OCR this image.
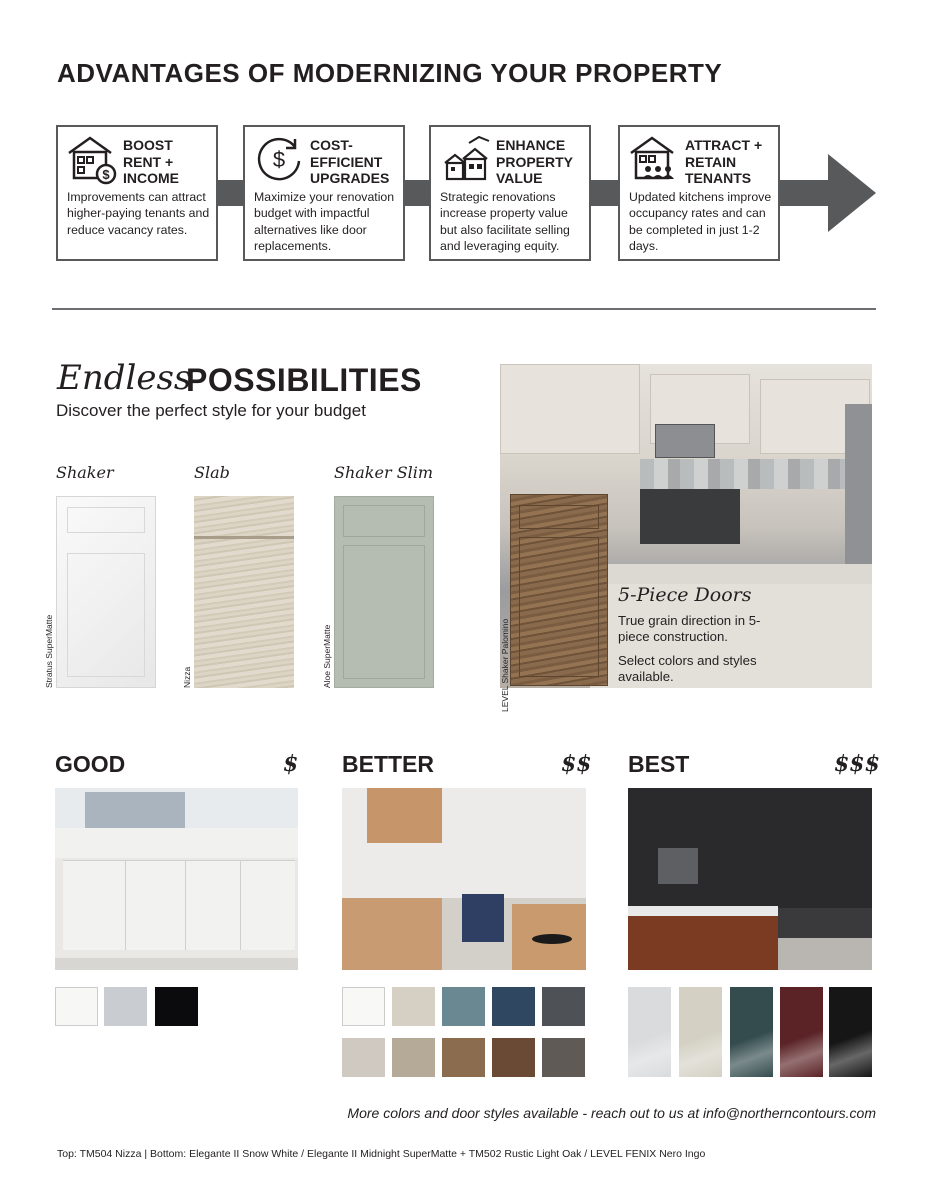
ADVANTAGES OF MODERNIZING YOUR PROPERTY
$
BOOST RENT + INCOME
Improvements can attract higher-paying tenants and reduce vacancy rates.
$
COST-EFFICIENT UPGRADES
Maximize your renovation budget with impactful alternatives like door replacements.
ENHANCE PROPERTY VALUE
Strategic renovations increase property value but also facilitate selling and leveraging equity.
ATTRACT + RETAIN TENANTS
Updated kitchens improve occupancy rates and can be completed in just 1-2 days.
Endless
POSSIBILITIES
Discover the perfect style for your budget
Shaker	Slab	Shaker Slim
Stratus SuperMatte	Nizza	Aloe SuperMatte	LEVEL Shaker Palomino
5-Piece Doors
True grain direction in 5-piece construction.
Select colors and styles available.
GOOD	$ BETTER	$$ BEST	$$$
More colors and door styles available - reach out to us at info@northerncontours.com
Top: TM504 Nizza | Bottom: Elegante II Snow White / Elegante II Midnight SuperMatte + TM502 Rustic Light Oak / LEVEL FENIX Nero Ingo
